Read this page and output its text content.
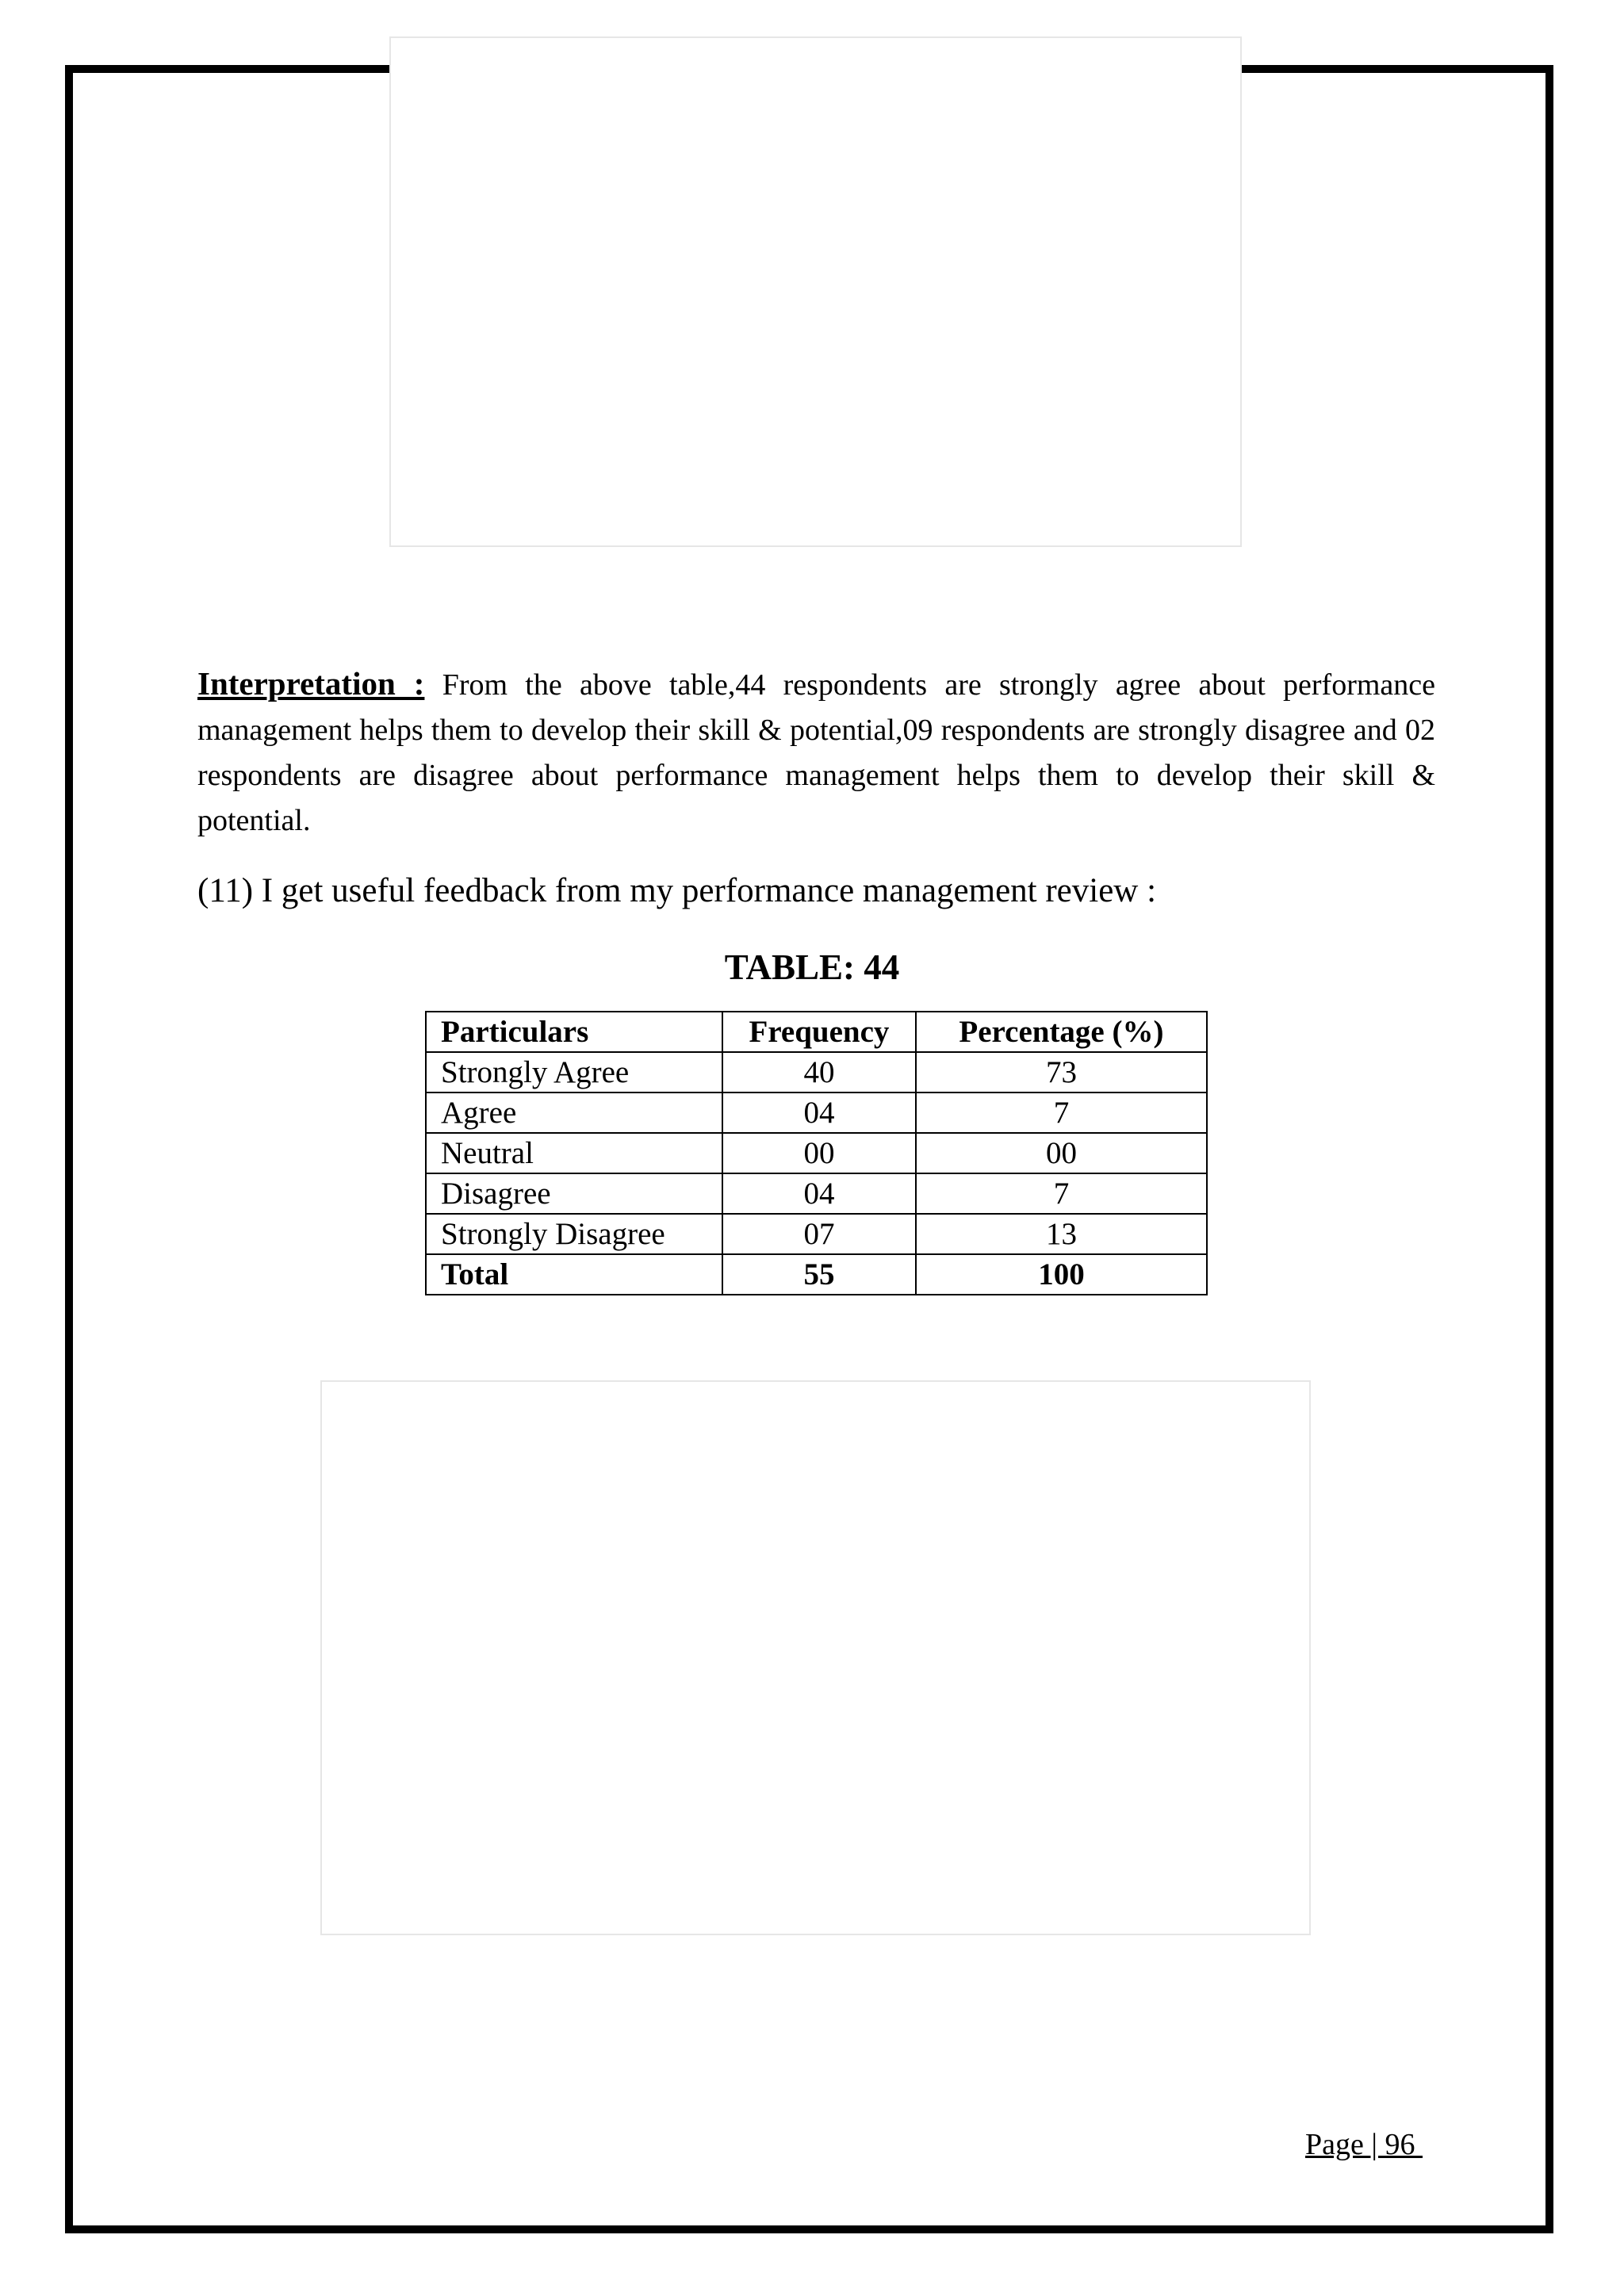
Interpretation : From the above table,44 respondents are strongly agree about performance management helps them to develop their skill & potential,09 respondents are strongly disagree and 02 respondents are disagree about performance management helps them to develop their skill & potential.

(11) I get useful feedback from my performance management review :

TABLE: 44

Particulars	Frequency	Percentage (%)
Strongly Agree	40	73
Agree	04	7
Neutral	00	00
Disagree	04	7
Strongly Disagree	07	13
Total	55	100
Page | 96
